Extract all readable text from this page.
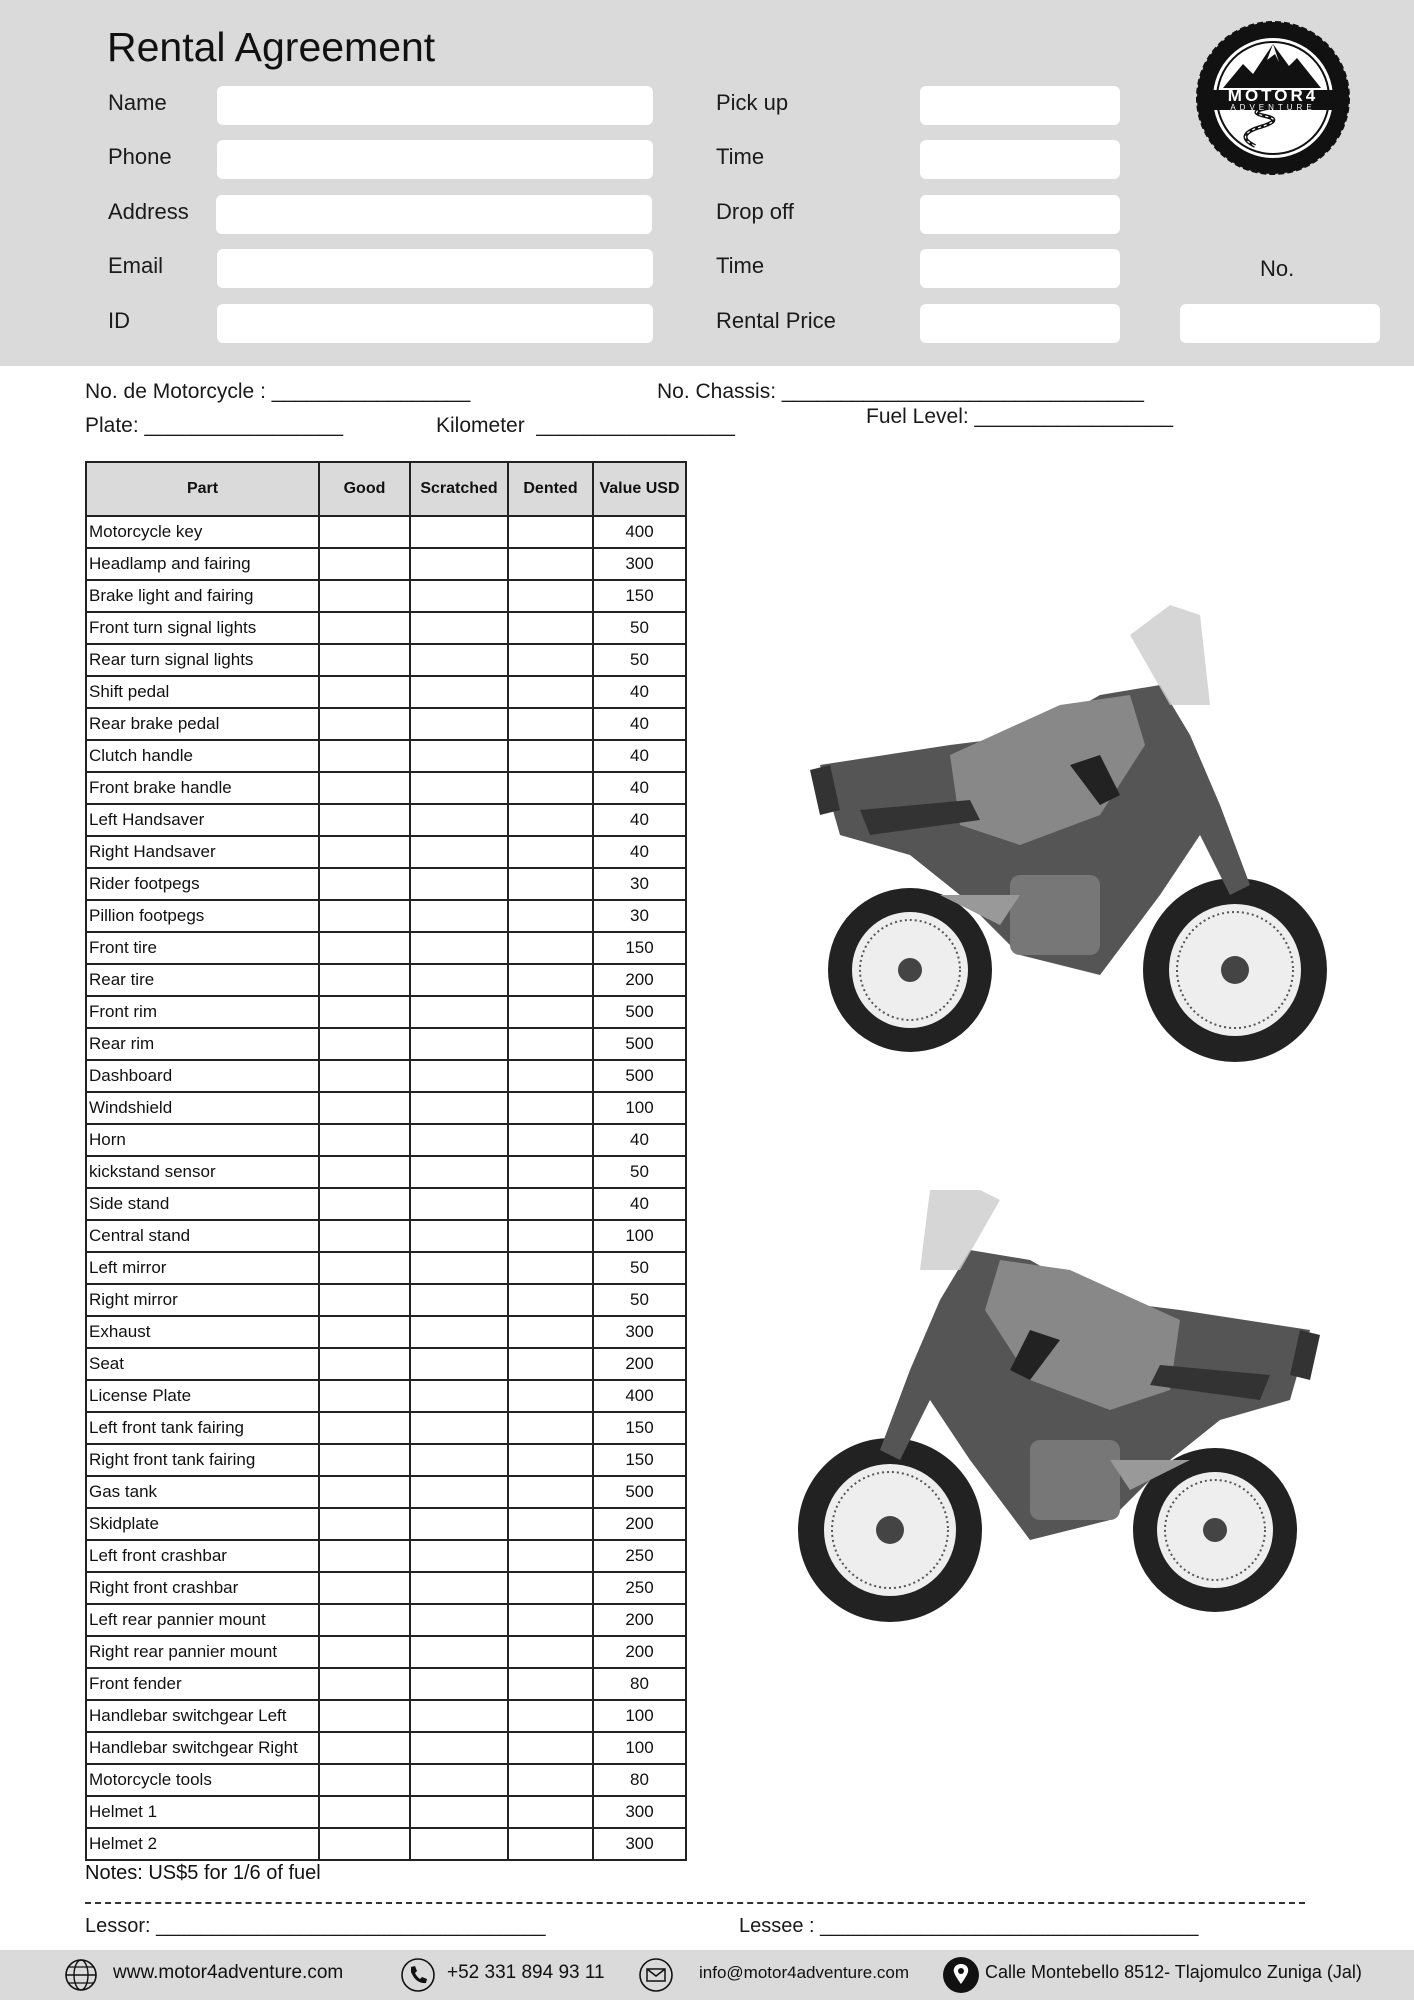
Rental Agreement
Name
Phone
Address
Email
ID
Pick up
Time
Drop off
Time
Rental Price
No.
MOTOR4
ADVENTURE
No. de Motorcycle : _________________	No. Chassis: _______________________________
Fuel Level: _________________
Plate: _________________	Kilometer  _________________
Part	Good	Scratched	Dented	Value USD
Motorcycle key				400
Headlamp and fairing				300
Brake light and fairing				150
Front turn signal lights				50
Rear turn signal lights				50
Shift pedal				40
Rear brake pedal				40
Clutch handle				40
Front brake handle				40
Left Handsaver				40
Right Handsaver				40
Rider footpegs				30
Pillion footpegs				30
Front tire				150
Rear tire				200
Front rim				500
Rear rim				500
Dashboard				500
Windshield				100
Horn				40
kickstand sensor				50
Side stand				40
Central stand				100
Left mirror				50
Right mirror				50
Exhaust				300
Seat				200
License Plate				400
Left front tank fairing				150
Right front tank fairing				150
Gas tank				500
Skidplate				200
Left front crashbar				250
Right front crashbar				250
Left rear pannier mount				200
Right rear pannier mount				200
Front fender				80
Handlebar switchgear Left				100
Handlebar switchgear Right				100
Motorcycle tools				80
Helmet 1				300
Helmet 2				300
Notes: US$5 for 1/6 of fuel
Lessor: ___________________________________	Lessee : __________________________________
www.motor4adventure.com	+52 331 894 93 11	info@motor4adventure.com	Calle Montebello 8512- Tlajomulco Zuniga (Jal)
